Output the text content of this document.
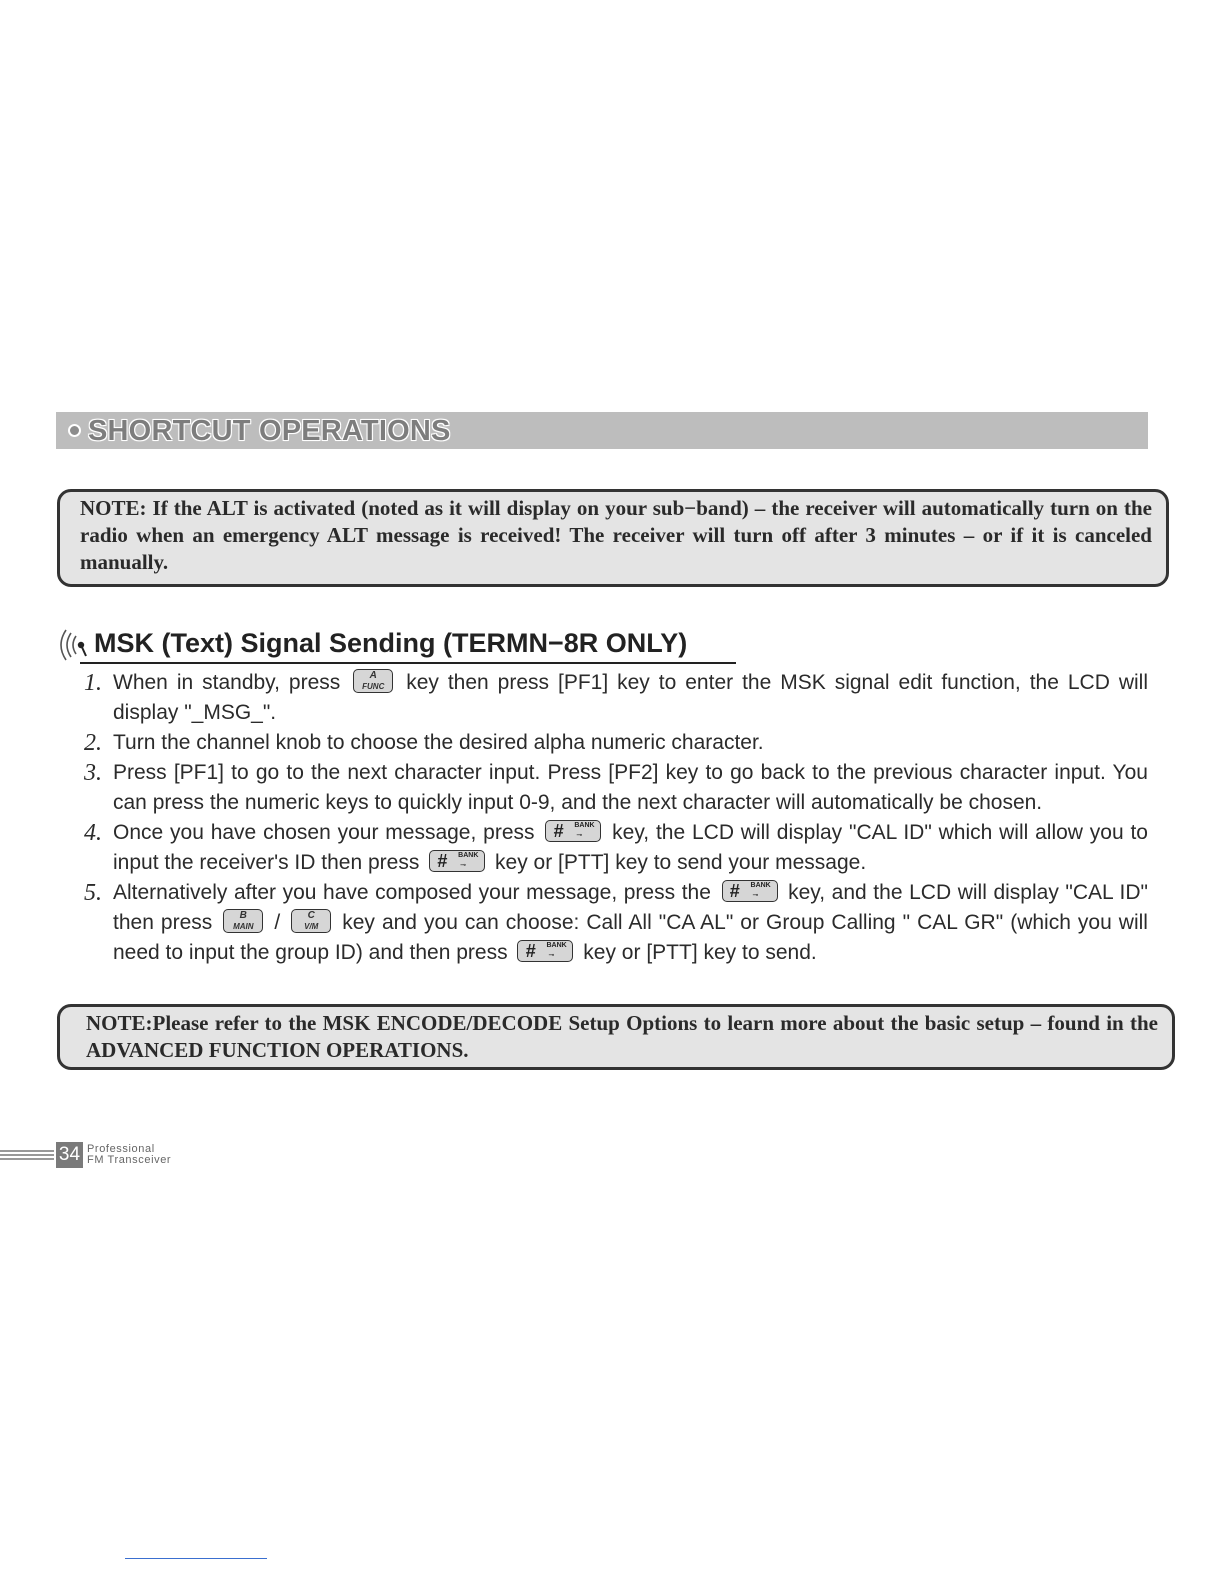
SHORTCUT OPERATIONS
NOTE: If the ALT is activated (noted as it will display on your sub−band) – the receiver will automatically turn on the radio when an emergency ALT message is received! The receiver will turn off after 3 minutes – or if it is canceled manually.
MSK (Text) Signal Sending (TERMN−8R ONLY)
1. When in standby, press	A
FUNC	key then press [PF1] key to enter the MSK signal edit function, the LCD will display "_MSG_".
2. Turn the channel knob to choose the desired alpha numeric character.
3. Press [PF1] to go to the next character input. Press [PF2] key to go back to the previous character input. You can press the numeric keys to quickly input 0-9, and the next character will automatically be chosen.
4. Once you have chosen your message, press # BANK
⊸ key, the LCD will display "CAL ID" which will allow you to input the receiver's ID then press # BANK
⊸ key or [PTT] key to send your message.
5. Alternatively after you have composed your message, press the # BANK
⊸ key, and the LCD will display "CAL ID" then press	B
MAIN /	C
V/M	key and you can choose: Call All "CA AL" or Group Calling " CAL GR" (which you will need to input the group ID) and then press # BANK
⊸ key or [PTT] key to send.
NOTE:Please refer to the MSK ENCODE/DECODE Setup Options to learn more about the basic setup – found in the ADVANCED FUNCTION OPERATIONS.
34 Professional
FM Transceiver
